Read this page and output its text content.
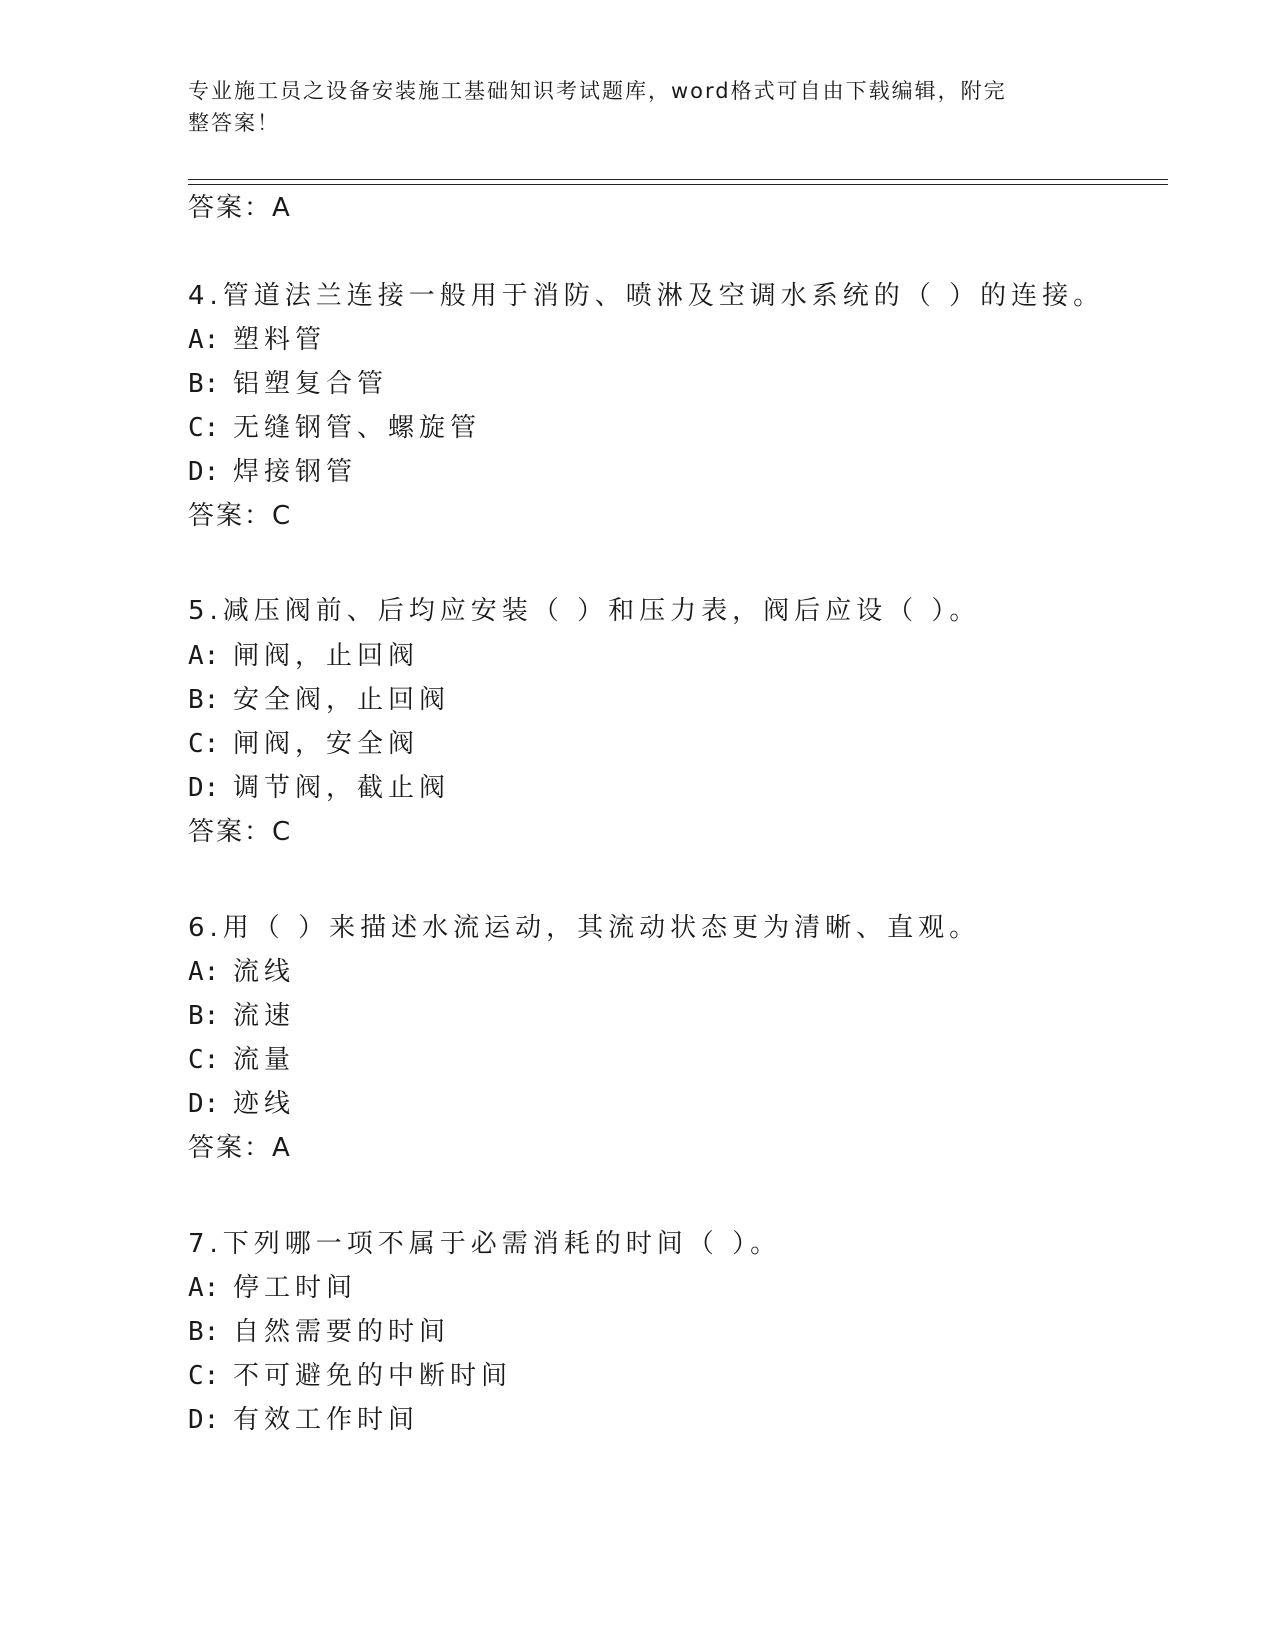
专业施工员之设备安装施工基础知识考试题库，word格式可自由下载编辑，附完
整答案！

答案：A

4.管道法兰连接一般用于消防、喷淋及空调水系统的（ ）的连接。

A: 塑料管

B: 铝塑复合管

C: 无缝钢管、螺旋管

D: 焊接钢管

答案：C

5.减压阀前、后均应安装（ ）和压力表，阀后应设（ ）。

A: 闸阀，止回阀

B: 安全阀，止回阀

C: 闸阀，安全阀

D: 调节阀，截止阀

答案：C

6.用（ ）来描述水流运动，其流动状态更为清晰、直观。

A: 流线

B: 流速

C: 流量

D: 迹线

答案：A

7.下列哪一项不属于必需消耗的时间（ ）。

A: 停工时间

B: 自然需要的时间

C: 不可避免的中断时间

D: 有效工作时间
